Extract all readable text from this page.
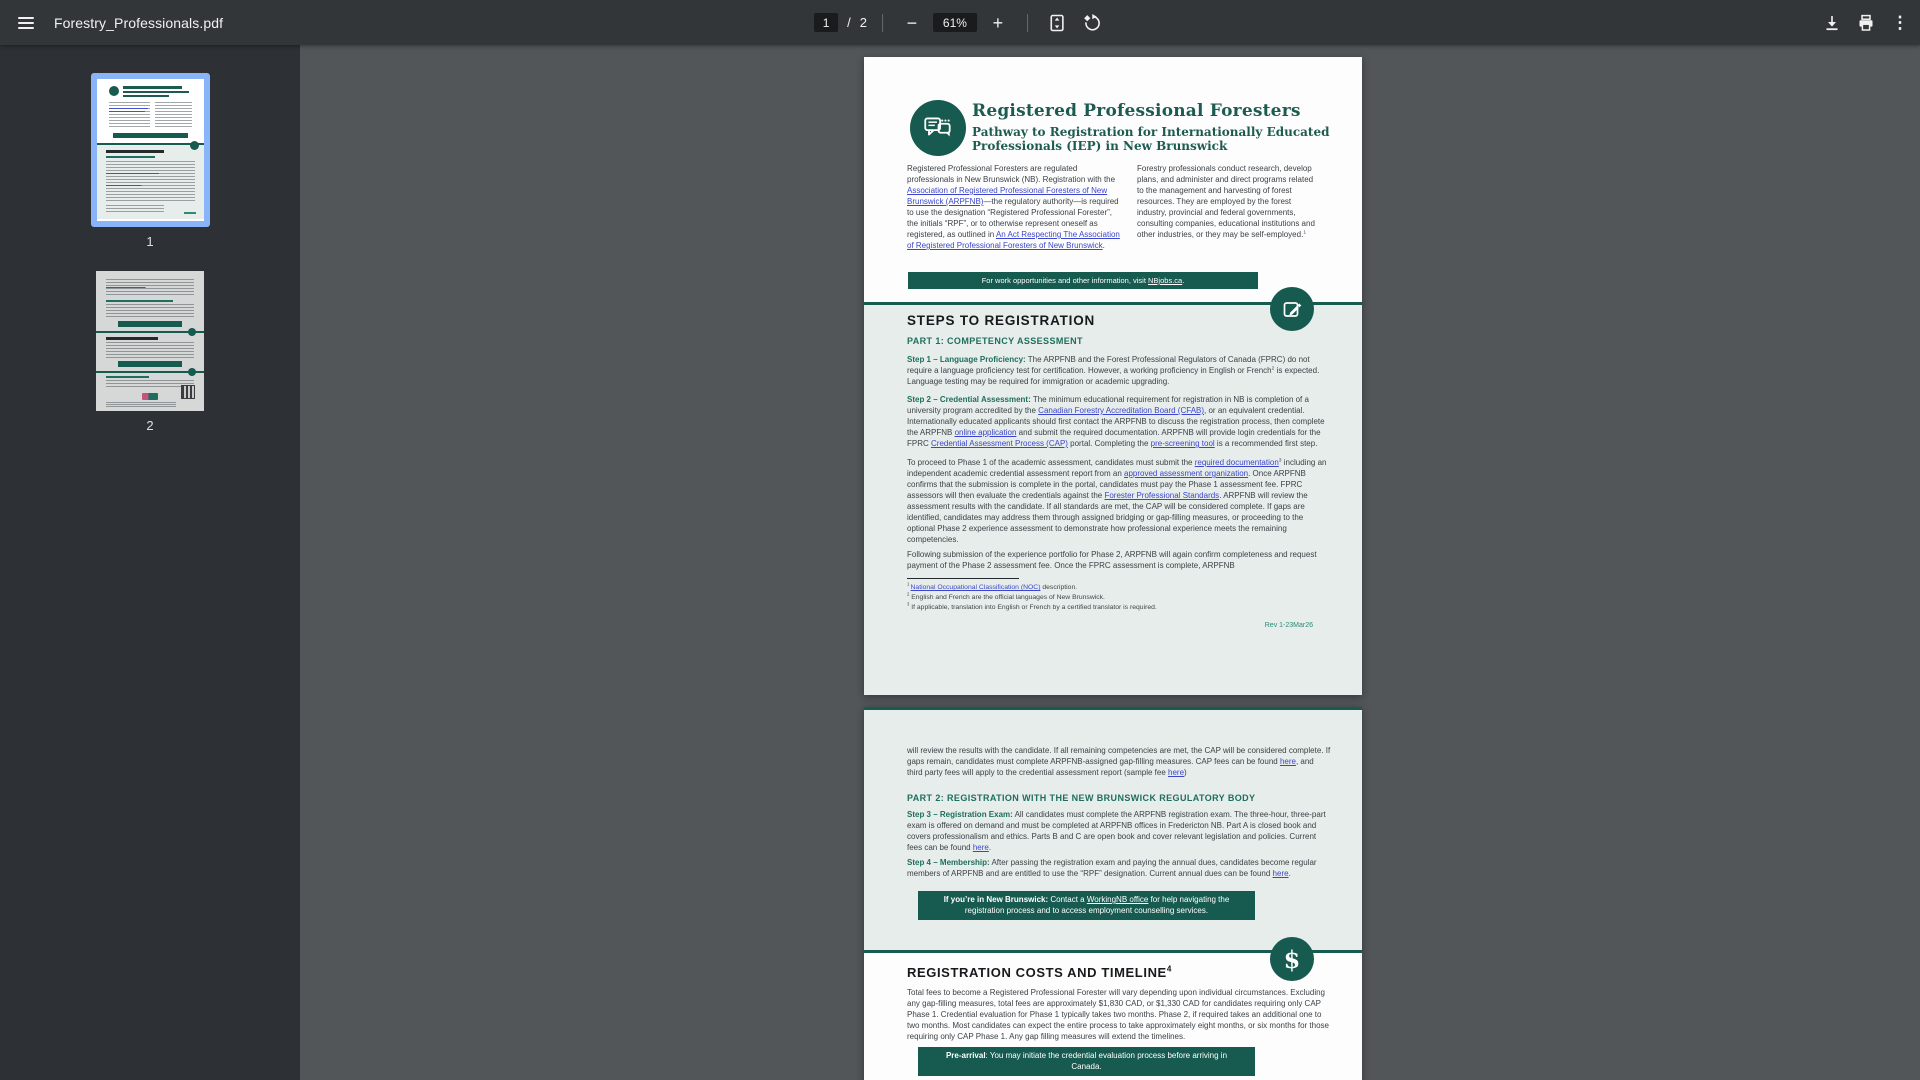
Forestry_Professionals.pdf
1	/ 2	−	61%	+	⋮
1
2
Registered Professional Foresters
Pathway to Registration for Internationally Educated
Professionals (IEP) in New Brunswick

Registered Professional Foresters are regulated professionals in New Brunswick (NB). Registration with the Association of Registered Professional Foresters of New Brunswick (ARPFNB)—the regulatory authority—is required to use the designation “Registered Professional Forester”, the initials “RPF”, or to otherwise represent oneself as registered, as outlined in An Act Respecting The Association of Registered Professional Foresters of New Brunswick.

Forestry professionals conduct research, develop plans, and administer and direct programs related to the management and harvesting of forest resources. They are employed by the forest industry, provincial and federal governments, consulting companies, educational institutions and other industries, or they may be self-employed.$^1$

For work opportunities and other information, visit NBjobs.ca.
STEPS TO REGISTRATION
PART 1: COMPETENCY ASSESSMENT

Step 1 – Language Proficiency: The ARPFNB and the Forest Professional Regulators of Canada (FPRC) do not require a language proficiency test for certification. However, a working proficiency in English or French$^2$ is expected. Language testing may be required for immigration or academic upgrading.

Step 2 – Credential Assessment: The minimum educational requirement for registration in NB is completion of a university program accredited by the Canadian Forestry Accreditation Board (CFAB), or an equivalent credential.

Internationally educated applicants should first contact the ARPFNB to discuss the registration process, then complete the ARPFNB online application and submit the required documentation. ARPFNB will provide login credentials for the FPRC Credential Assessment Process (CAP) portal. Completing the pre-screening tool is a recommended first step.

To proceed to Phase 1 of the academic assessment, candidates must submit the required documentation$^3$ including an independent academic credential assessment report from an approved assessment organization. Once ARPFNB confirms that the submission is complete in the portal, candidates must pay the Phase 1 assessment fee. FPRC assessors will then evaluate the credentials against the Forester Professional Standards. ARPFNB will review the assessment results with the candidate. If all standards are met, the CAP will be considered complete. If gaps are identified, candidates may address them through assigned bridging or gap-filling measures, or proceeding to the optional Phase 2 experience assessment to demonstrate how professional experience meets the remaining competencies.

Following submission of the experience portfolio for Phase 2, ARPFNB will again confirm completeness and request payment of the Phase 2 assessment fee. Once the FPRC assessment is complete, ARPFNB

$^1$ National Occupational Classification (NOC) description.

$^2$ English and French are the official languages of New Brunswick.

$^3$ If applicable, translation into English or French by a certified translator is required.

Rev 1-23Mar26

will review the results with the candidate. If all remaining competencies are met, the CAP will be considered complete. If gaps remain, candidates must complete ARPFNB-assigned gap-filling measures. CAP fees can be found here, and third party fees will apply to the credential assessment report (sample fee here)

PART 2: REGISTRATION WITH THE NEW BRUNSWICK REGULATORY BODY

Step 3 – Registration Exam: All candidates must complete the ARPFNB registration exam. The three-hour, three-part exam is offered on demand and must be completed at ARPFNB offices in Fredericton NB. Part A is closed book and covers professionalism and ethics. Parts B and C are open book and cover relevant legislation and policies. Current fees can be found here.

Step 4 – Membership: After passing the registration exam and paying the annual dues, candidates become regular members of ARPFNB and are entitled to use the “RPF” designation. Current annual dues can be found here.

If you’re in New Brunswick: Contact a WorkingNB office for help navigating the registration process and to access employment counselling services.
$
REGISTRATION COSTS AND TIMELINE$^4$

Total fees to become a Registered Professional Forester will vary depending upon individual circumstances. Excluding any gap-filling measures, total fees are approximately $1,830 CAD, or $1,330 CAD for candidates requiring only CAP Phase 1. Credential evaluation for Phase 1 typically takes two months. Phase 2, if required takes an additional one to two months. Most candidates can expect the entire process to take approximately eight months, or six months for those requiring only CAP Phase 1. Any gap filling measures will extend the timelines.

Pre-arrival: You may initiate the credential evaluation process before arriving in Canada.
